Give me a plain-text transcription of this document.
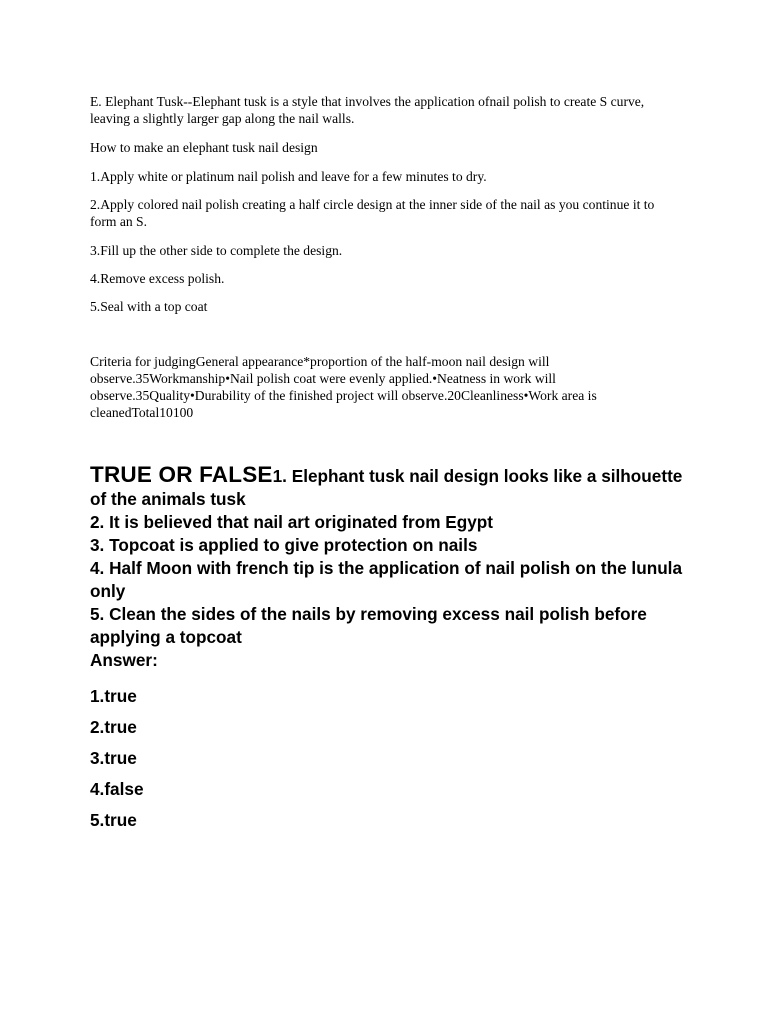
E. Elephant Tusk--Elephant tusk is a style that involves the application ofnail polish to create S curve, leaving a slightly larger gap along the nail walls.

How to make an elephant tusk nail design

1.Apply white or platinum nail polish and leave for a few minutes to dry.

2.Apply colored nail polish creating a half circle design at the inner side of the nail as you continue it to form an S.

3.Fill up the other side to complete the design.

4.Remove excess polish.

5.Seal with a top coat

Criteria for judgingGeneral appearance*proportion of the half-moon nail design will observe.35Workmanship•Nail polish coat were evenly applied.•Neatness in work will observe.35Quality•Durability of the finished project will observe.20Cleanliness•Work area is cleanedTotal10100

TRUE OR FALSE1. Elephant tusk nail design looks like a silhouette of the animals tusk
2. It is believed that nail art originated from Egypt
3. Topcoat is applied to give protection on nails
4. Half Moon with french tip is the application of nail polish on the lunula only
5. Clean the sides of the nails by removing excess nail polish before applying a topcoat
Answer:

1.true

2.true

3.true

4.false

5.true
